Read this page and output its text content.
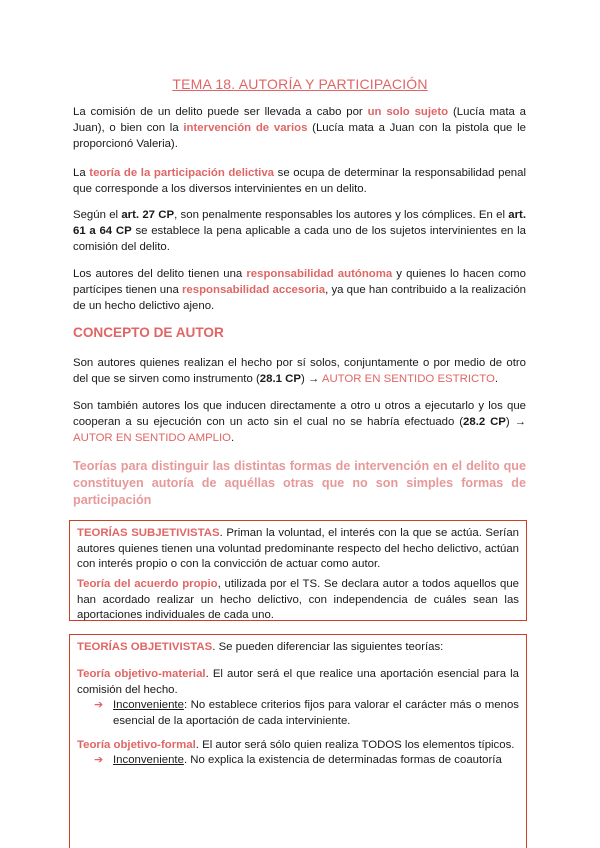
TEMA 18. AUTORÍA Y PARTICIPACIÓN

La comisión de un delito puede ser llevada a cabo por un solo sujeto (Lucía mata a Juan), o bien con la intervención de varios (Lucía mata a Juan con la pistola que le proporcionó Valeria).

La teoría de la participación delictiva se ocupa de determinar la responsabilidad penal que corresponde a los diversos intervinientes en un delito.

Según el art. 27 CP, son penalmente responsables los autores y los cómplices. En el art. 61 a 64 CP se establece la pena aplicable a cada uno de los sujetos intervinientes en la comisión del delito.

Los autores del delito tienen una responsabilidad autónoma y quienes lo hacen como partícipes tienen una responsabilidad accesoria, ya que han contribuido a la realización de un hecho delictivo ajeno.

CONCEPTO DE AUTOR

Son autores quienes realizan el hecho por sí solos, conjuntamente o por medio de otro del que se sirven como instrumento (28.1 CP) → AUTOR EN SENTIDO ESTRICTO.

Son también autores los que inducen directamente a otro u otros a ejecutarlo y los que cooperan a su ejecución con un acto sin el cual no se habría efectuado (28.2 CP) → AUTOR EN SENTIDO AMPLIO.

Teorías para distinguir las distintas formas de intervención en el delito que constituyen autoría de aquéllas otras que no son simples formas de participación

TEORÍAS SUBJETIVISTAS. Priman la voluntad, el interés con la que se actúa. Serían autores quienes tienen una voluntad predominante respecto del hecho delictivo, actúan con interés propio o con la convicción de actuar como autor.

Teoría del acuerdo propio, utilizada por el TS. Se declara autor a todos aquellos que han acordado realizar un hecho delictivo, con independencia de cuáles sean las aportaciones individuales de cada uno.

TEORÍAS OBJETIVISTAS. Se pueden diferenciar las siguientes teorías:

Teoría objetivo-material. El autor será el que realice una aportación esencial para la comisión del hecho.

➔ Inconveniente: No establece criterios fijos para valorar el carácter más o menos esencial de la aportación de cada interviniente.

Teoría objetivo-formal. El autor será sólo quien realiza TODOS los elementos típicos.

➔ Inconveniente. No explica la existencia de determinadas formas de coautoría
